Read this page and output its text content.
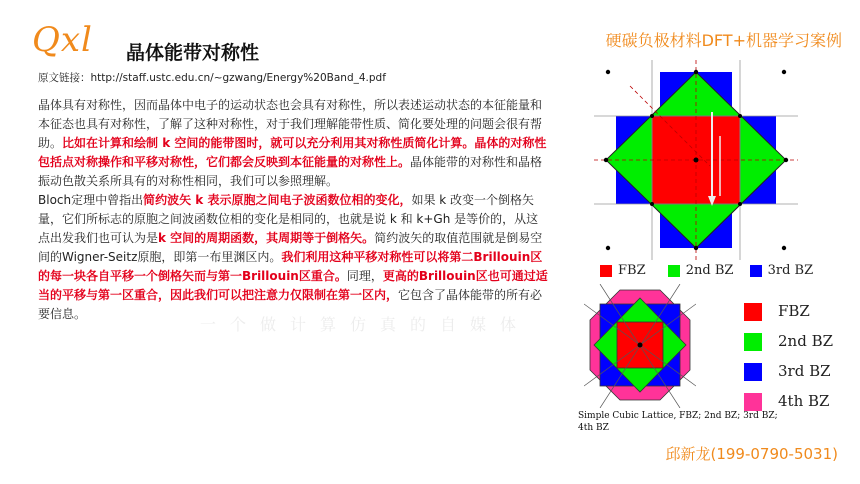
Qxl 晶体能带对称性
硬碳负极材料DFT+机器学习案例
原文链接：http://staff.ustc.edu.cn/~gzwang/Energy%20Band_4.pdf
晶体具有对称性，因而晶体中电子的运动状态也会具有对称性，所以表述运动状态的本征能量和本征态也具有对称性，了解了这种对称性，对于我们理解能带性质、简化要处理的问题会很有帮助。比如在计算和绘制 k 空间的能带图时，就可以充分利用其对称性质简化计算。晶体的对称性包括点对称操作和平移对称性，它们都会反映到本征能量的对称性上。晶体能带的对称性和晶格振动色散关系所具有的对称性相同，我们可以参照理解。
Bloch定理中曾指出简约波矢 k 表示原胞之间电子波函数位相的变化，如果 k 改变一个倒格矢量，它们所标志的原胞之间波函数位相的变化是相同的，也就是说 k 和 k+Gh 是等价的，从这点出发我们也可认为是k 空间的周期函数，其周期等于倒格矢。简约波矢的取值范围就是倒易空间的Wigner-Seitz原胞，即第一布里渊区内。我们利用这种平移对称性可以将第二Brillouin区的每一块各自平移一个倒格矢而与第一Brillouin区重合。同理，更高的Brillouin区也可通过适当的平移与第一区重合，因此我们可以把注意力仅限制在第一区内，它包含了晶体能带的所有必要信息。
一个做计算仿真的自媒体
FBZ	2nd BZ	3rd BZ
FBZ
2nd BZ
3rd BZ
4th BZ
Simple Cubic Lattice, FBZ; 2nd BZ; 3rd BZ; 4th BZ
邱新龙(199-0790-5031)
